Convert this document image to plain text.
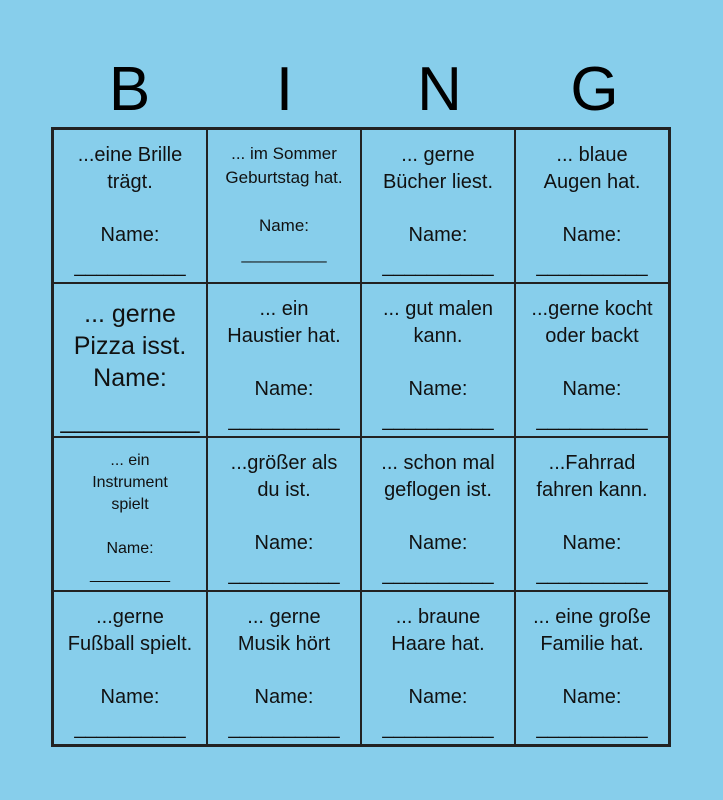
B	I	N	G
...eine Brille
trägt.
Name:
__________
... im Sommer
Geburtstag hat.
Name:
_________
... gerne
Bücher liest.
Name:
__________
... blaue
Augen hat.
Name:
__________
... gerne
Pizza isst.
Name:
__________
... ein
Haustier hat.
Name:
__________
... gut malen
kann.
Name:
__________
...gerne kocht
oder backt
Name:
__________
... ein
Instrument
spielt
Name:
_________
...größer als
du ist.
Name:
__________
... schon mal
geflogen ist.
Name:
__________
...Fahrrad
fahren kann.
Name:
__________
...gerne
Fußball spielt.
Name:
__________
... gerne
Musik hört
Name:
__________
... braune
Haare hat.
Name:
__________
... eine große
Familie hat.
Name:
__________
